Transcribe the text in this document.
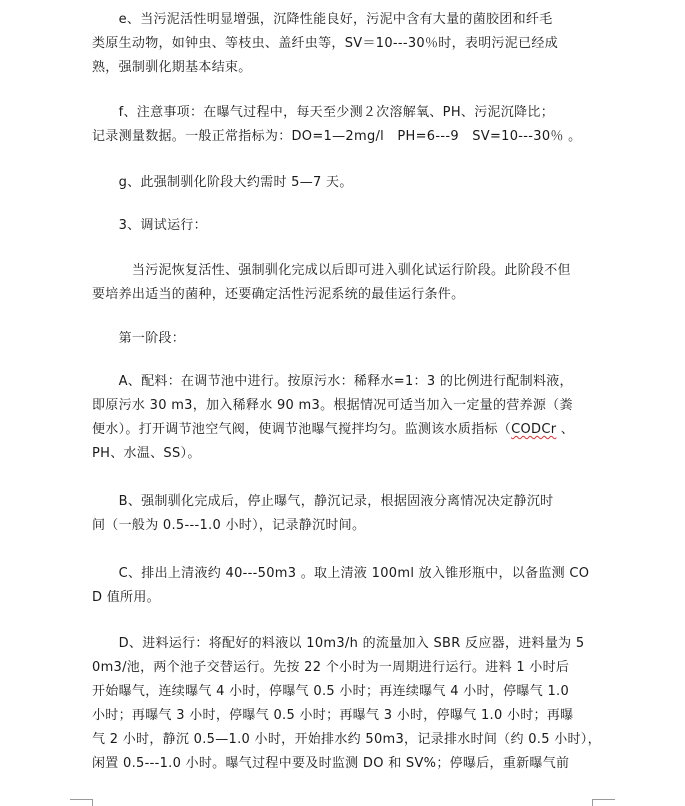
　　e、当污泥活性明显增强，沉降性能良好，污泥中含有大量的菌胶团和纤毛
类原生动物，如钟虫、等枝虫、盖纤虫等，SV＝10---30％时，表明污泥已经成
熟，强制驯化期基本结束。

　　f、注意事项：在曝气过程中，每天至少测２次溶解氧、PH、污泥沉降比；
记录测量数据。一般正常指标为：DO=1—2mg/l　PH=6---9　SV=10---30％ 。

　　g、此强制驯化阶段大约需时 5—7 天。

　　3、调试运行：

　　　当污泥恢复活性、强制驯化完成以后即可进入驯化试运行阶段。此阶段不但
要培养出适当的菌种，还要确定活性污泥系统的最佳运行条件。

　　第一阶段：

　　A、配料：在调节池中进行。按原污水：稀释水=1：3 的比例进行配制料液，
即原污水 30 m3，加入稀释水 90 m3。根据情况可适当加入一定量的营养源（粪
便水）。打开调节池空气阀，使调节池曝气搅拌均匀。监测该水质指标（CODCr 、
PH、水温、SS）。

　　B、强制驯化完成后，停止曝气，静沉记录，根据固液分离情况决定静沉时
间（一般为 0.5---1.0 小时），记录静沉时间。

　　C、排出上清液约 40---50m3 。取上清液 100ml 放入锥形瓶中，以备监测 CO
D 值所用。

　　D、进料运行：将配好的料液以 10m3/h 的流量加入 SBR 反应器，进料量为 5
0m3/池，两个池子交替运行。先按 22 个小时为一周期进行运行。进料 1 小时后
开始曝气，连续曝气 4 小时，停曝气 0.5 小时；再连续曝气 4 小时，停曝气 1.0
小时；再曝气 3 小时，停曝气 0.5 小时；再曝气 3 小时，停曝气 1.0 小时；再曝
气 2 小时，静沉 0.5—1.0 小时，开始排水约 50m3，记录排水时间（约 0.5 小时），
闲置 0.5---1.0 小时。曝气过程中要及时监测 DO 和 SV%；停曝后，重新曝气前
